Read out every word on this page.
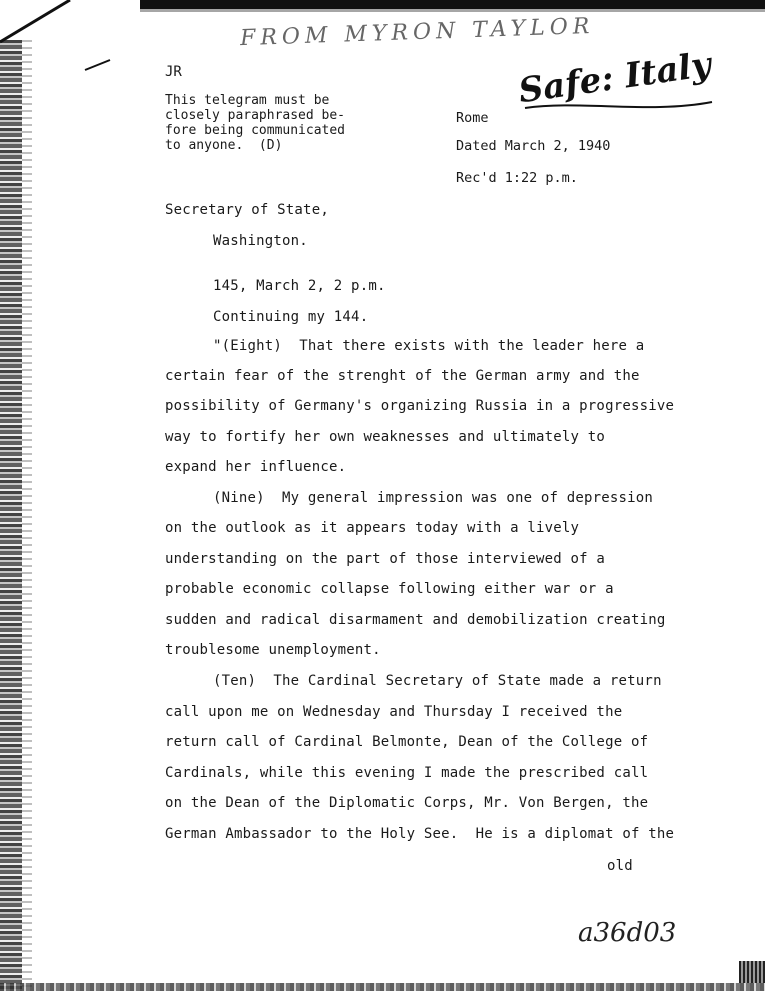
FROM MYRON TAYLOR
Safe: Italy
JR
This telegram must be
closely paraphrased be-
fore being communicated
to anyone.  (D)
Rome
Dated March 2, 1940
Rec'd 1:22 p.m.
Secretary of State,
Washington.
145, March 2, 2 p.m.
Continuing my 144.
"(Eight)  That there exists with the leader here a
certain fear of the strenght of the German army and the
possibility of Germany's organizing Russia in a progressive
way to fortify her own weaknesses and ultimately to
expand her influence.
(Nine)  My general impression was one of depression
on the outlook as it appears today with a lively
understanding on the part of those interviewed of a
probable economic collapse following either war or a
sudden and radical disarmament and demobilization creating
troublesome unemployment.
(Ten)  The Cardinal Secretary of State made a return
call upon me on Wednesday and Thursday I received the
return call of Cardinal Belmonte, Dean of the College of
Cardinals, while this evening I made the prescribed call
on the Dean of the Diplomatic Corps, Mr. Von Bergen, the
German Ambassador to the Holy See.  He is a diplomat of the
old
a36d03
